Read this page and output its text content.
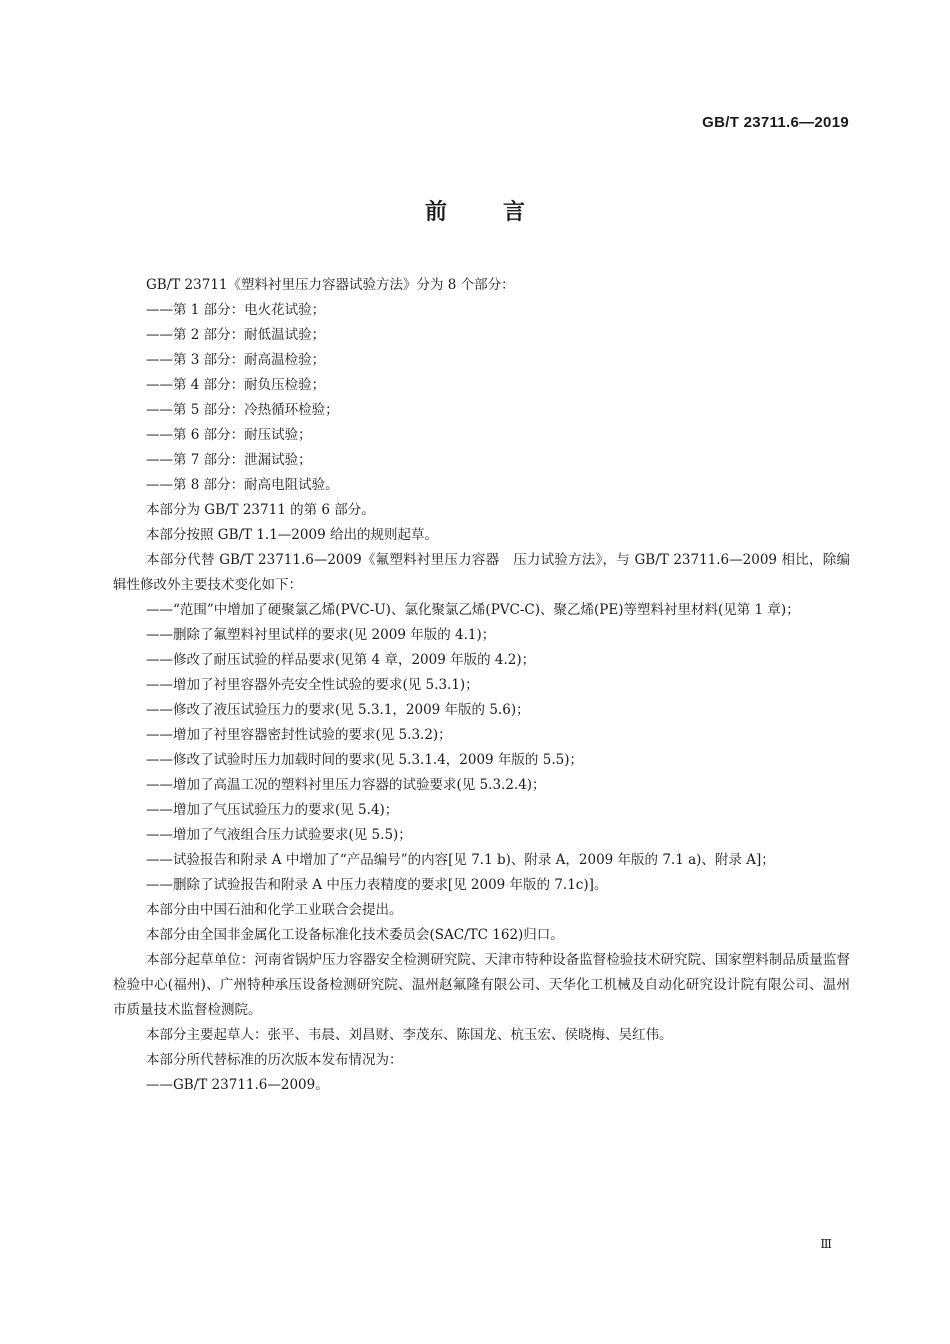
GB/T 23711.6—2019
前言

GB/T 23711《塑料衬里压力容器试验方法》分为 8 个部分：

——第 1 部分：电火花试验；

——第 2 部分：耐低温试验；

——第 3 部分：耐高温检验；

——第 4 部分：耐负压检验；

——第 5 部分：冷热循环检验；

——第 6 部分：耐压试验；

——第 7 部分：泄漏试验；

——第 8 部分：耐高电阻试验。

本部分为 GB/T 23711 的第 6 部分。

本部分按照 GB/T 1.1—2009 给出的规则起草。

本部分代替 GB/T 23711.6—2009《氟塑料衬里压力容器　压力试验方法》，与 GB/T 23711.6—2009 相比，除编辑性修改外主要技术变化如下：

——“范围”中增加了硬聚氯乙烯(PVC-U)、氯化聚氯乙烯(PVC-C)、聚乙烯(PE)等塑料衬里材料(见第 1 章)；

——删除了氟塑料衬里试样的要求(见 2009 年版的 4.1)；

——修改了耐压试验的样品要求(见第 4 章，2009 年版的 4.2)；

——增加了衬里容器外壳安全性试验的要求(见 5.3.1)；

——修改了液压试验压力的要求(见 5.3.1，2009 年版的 5.6)；

——增加了衬里容器密封性试验的要求(见 5.3.2)；

——修改了试验时压力加载时间的要求(见 5.3.1.4，2009 年版的 5.5)；

——增加了高温工况的塑料衬里压力容器的试验要求(见 5.3.2.4)；

——增加了气压试验压力的要求(见 5.4)；

——增加了气液组合压力试验要求(见 5.5)；

——试验报告和附录 A 中增加了“产品编号”的内容[见 7.1 b)、附录 A，2009 年版的 7.1 a)、附录 A]；

——删除了试验报告和附录 A 中压力表精度的要求[见 2009 年版的 7.1c)]。

本部分由中国石油和化学工业联合会提出。

本部分由全国非金属化工设备标准化技术委员会(SAC/TC 162)归口。

本部分起草单位：河南省锅炉压力容器安全检测研究院、天津市特种设备监督检验技术研究院、国家塑料制品质量监督检验中心(福州)、广州特种承压设备检测研究院、温州赵氟隆有限公司、天华化工机械及自动化研究设计院有限公司、温州市质量技术监督检测院。

本部分主要起草人：张平、韦晨、刘昌财、李茂东、陈国龙、杭玉宏、侯晓梅、吴红伟。

本部分所代替标准的历次版本发布情况为：

——GB/T 23711.6—2009。

Ⅲ
